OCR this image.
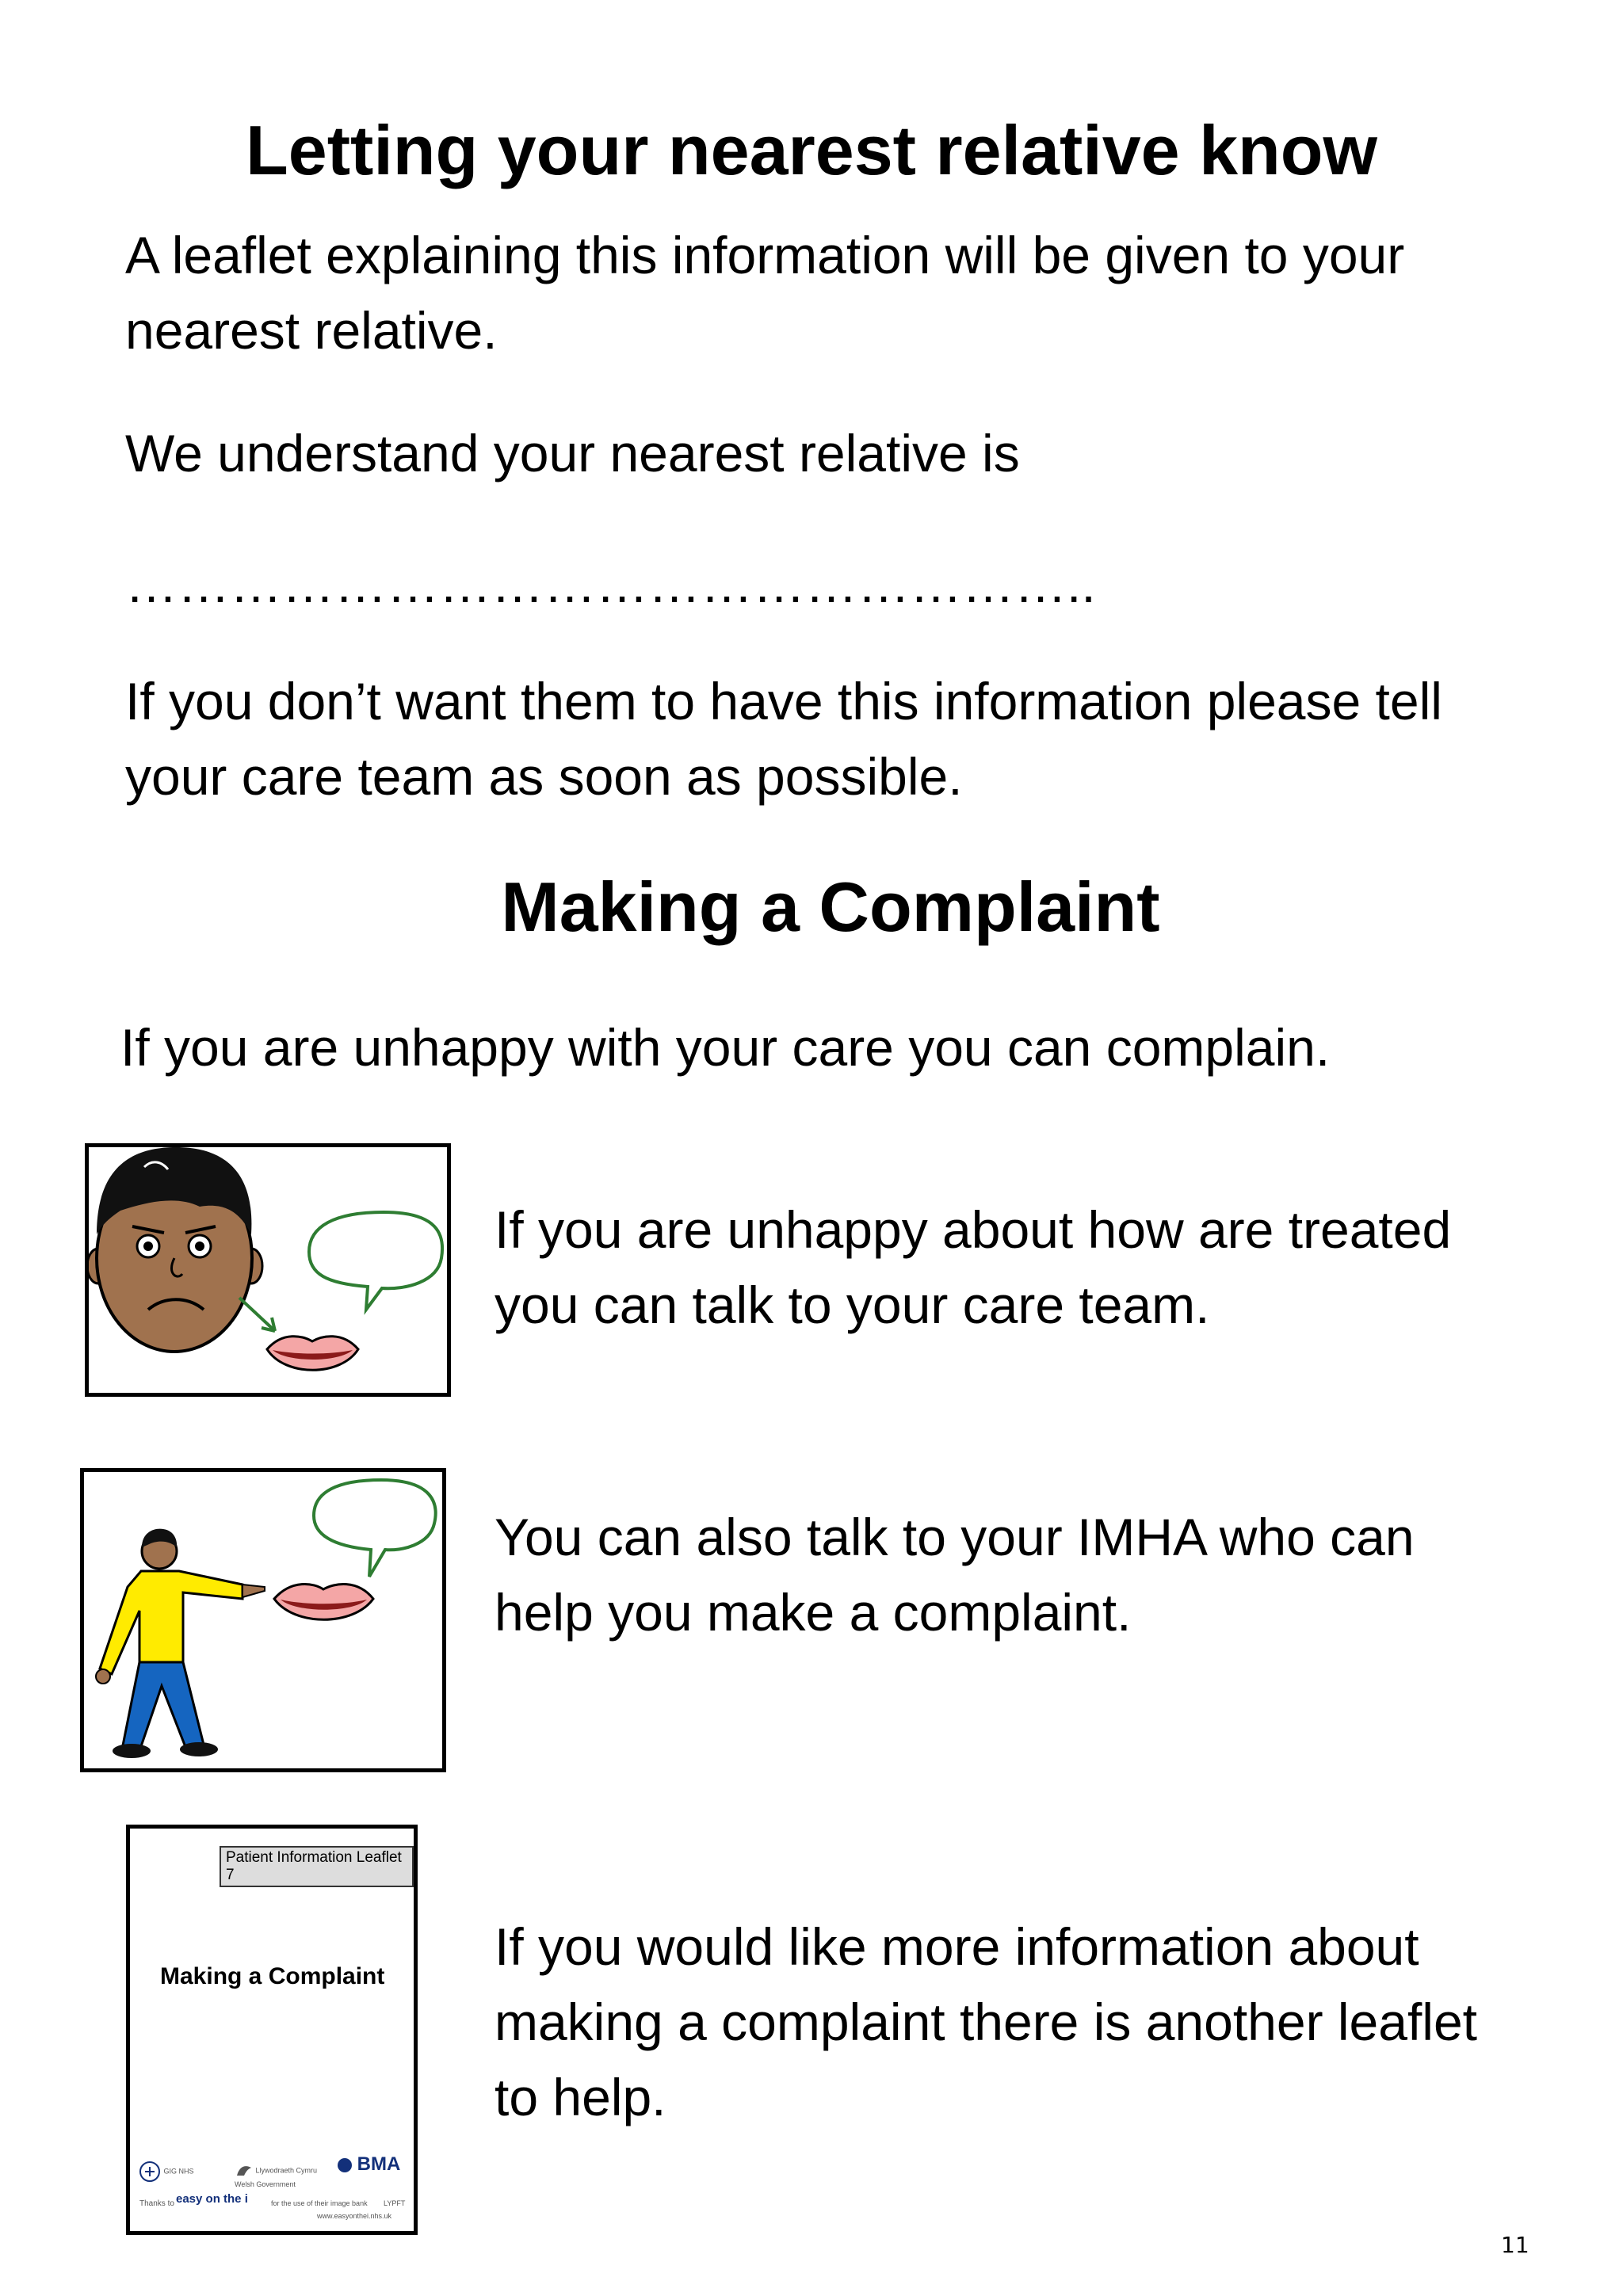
Letting your nearest relative know

A leaflet explaining this information will be given to your

nearest relative.

We understand your nearest relative is

………………………………………………..

If you don’t want them to have this information please tell

your care team as soon as possible.

Making a Complaint

If you are unhappy with your care you can complain.

If you are unhappy about how are treated

you can talk to your care team.

You can also talk to your IMHA who can

help you make a complaint.

Patient Information Leaflet 7
Making a Complaint
GIG NHS	Llywodraeth Cymru Welsh Government
BMA
Thanks to easy on the i	for the use of their image bank LYPFT
www.easyonthei.nhs.uk

If you would like more information about

making a complaint there is another leaflet

to help.

11
